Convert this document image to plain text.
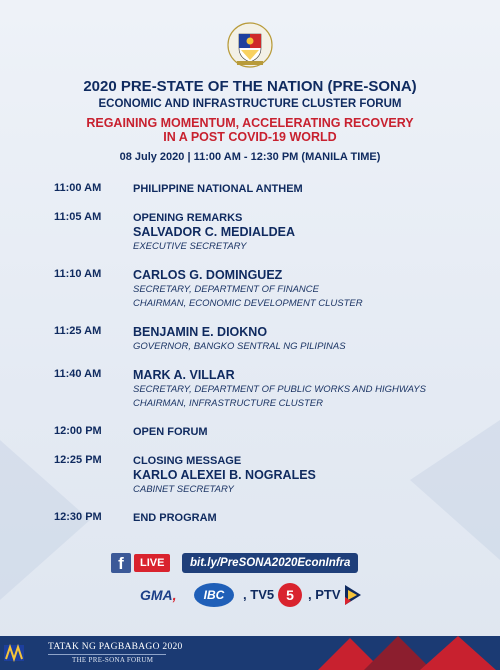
2020 PRE-STATE OF THE NATION (PRE-SONA)
ECONOMIC AND INFRASTRUCTURE CLUSTER FORUM
REGAINING MOMENTUM, ACCELERATING RECOVERY
IN A POST COVID-19 WORLD
08 July 2020 | 11:00 AM - 12:30 PM (MANILA TIME)
11:00 AM	PHILIPPINE NATIONAL ANTHEM
11:05 AM	OPENING REMARKS
SALVADOR C. MEDIALDEA
EXECUTIVE SECRETARY
11:10 AM	CARLOS G. DOMINGUEZ
SECRETARY, DEPARTMENT OF FINANCE
CHAIRMAN, ECONOMIC DEVELOPMENT CLUSTER
11:25 AM	BENJAMIN E. DIOKNO
GOVERNOR, BANGKO SENTRAL NG PILIPINAS
11:40 AM	MARK A. VILLAR
SECRETARY, DEPARTMENT OF PUBLIC WORKS AND HIGHWAYS
CHAIRMAN, INFRASTRUCTURE CLUSTER
12:00 PM	OPEN FORUM
12:25 PM	CLOSING MESSAGE
KARLO ALEXEI B. NOGRALES
CABINET SECRETARY
12:30 PM	END PROGRAM
f	LIVE	bit.ly/PreSONA2020EconInfra
GMA,	IBC	, TV5 5	, PTV
TATAK NG PAGBABAGO 2020
THE PRE-SONA FORUM
